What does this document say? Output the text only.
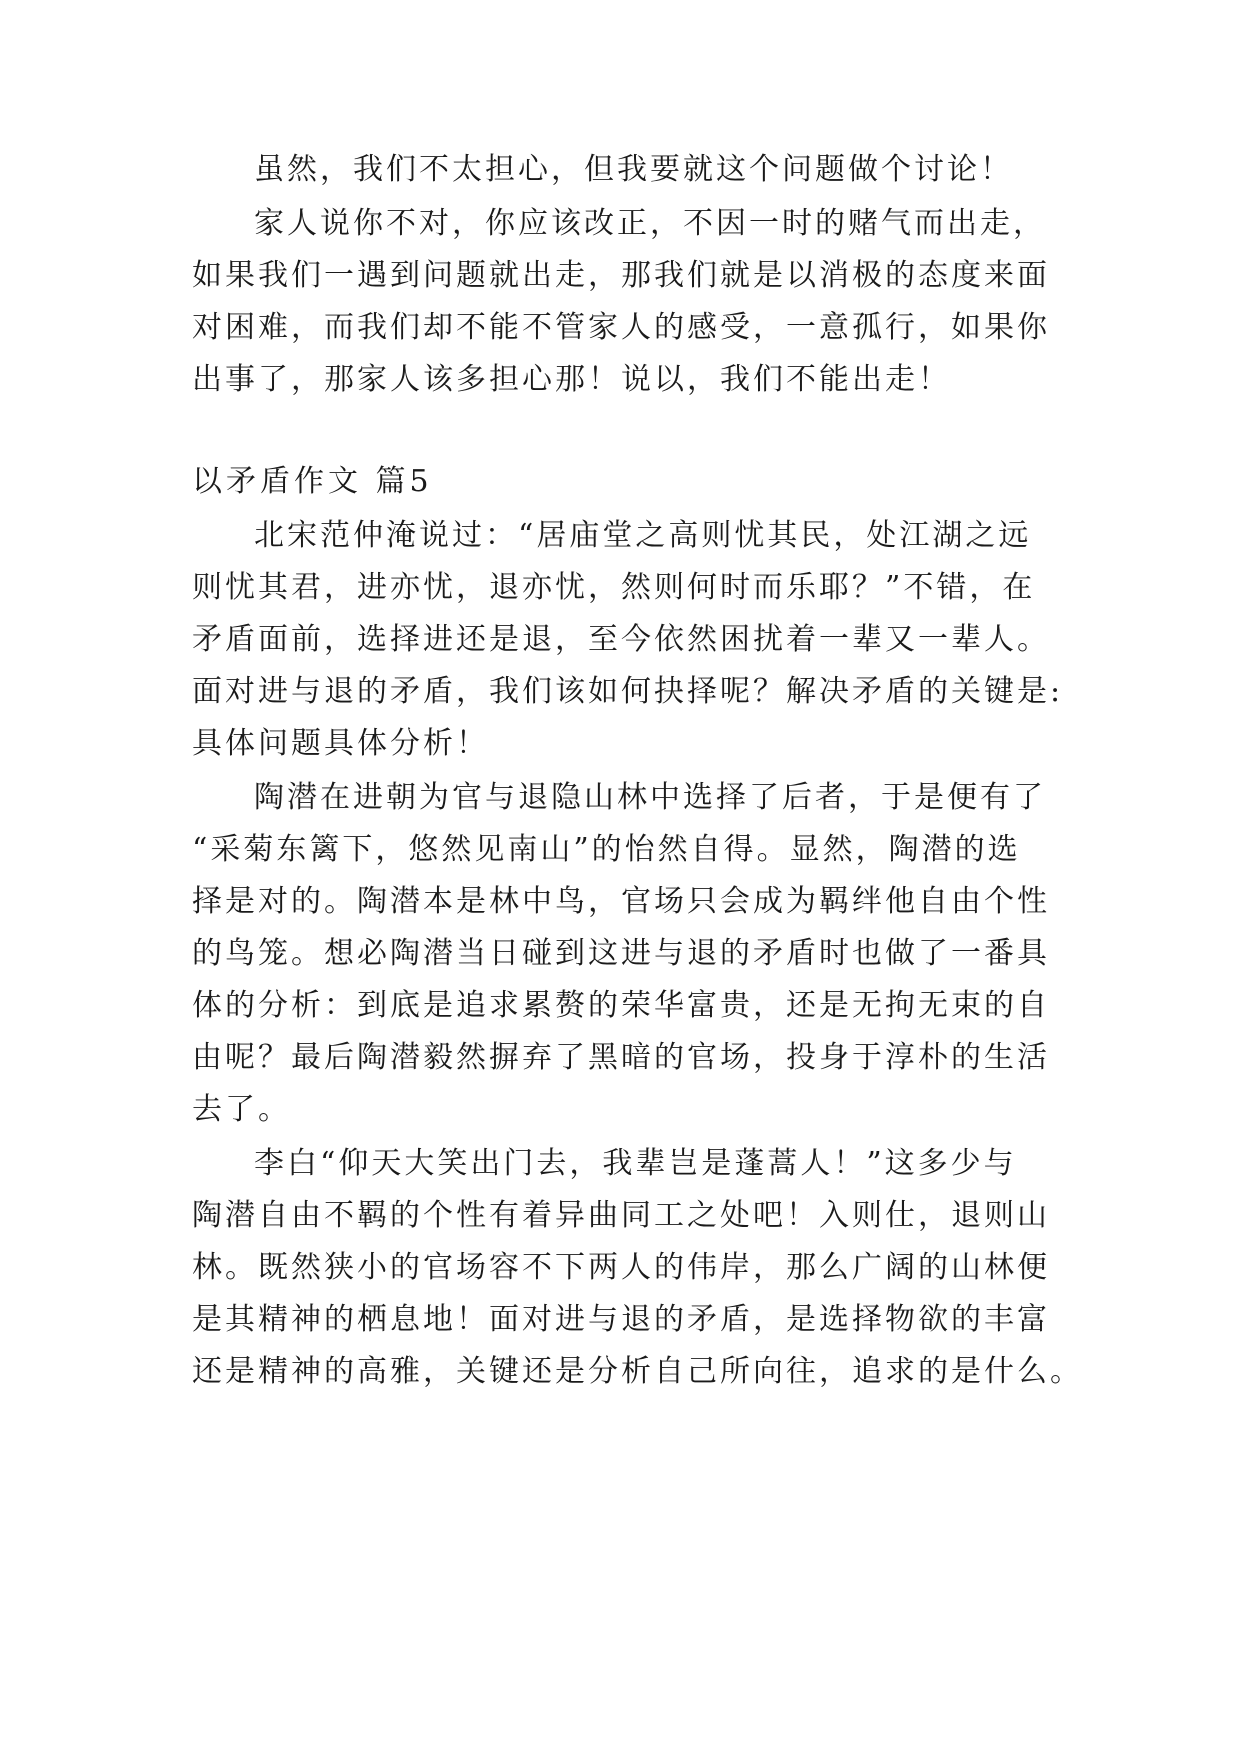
虽然，我们不太担心，但我要就这个问题做个讨论！
家人说你不对，你应该改正，不因一时的赌气而出走，
如果我们一遇到问题就出走，那我们就是以消极的态度来面
对困难，而我们却不能不管家人的感受，一意孤行，如果你
出事了，那家人该多担心那！说以，我们不能出走！
以矛盾作文 篇5
北宋范仲淹说过：“居庙堂之高则忧其民，处江湖之远
则忧其君，进亦忧，退亦忧，然则何时而乐耶？”不错，在
矛盾面前，选择进还是退，至今依然困扰着一辈又一辈人。
面对进与退的矛盾，我们该如何抉择呢？解决矛盾的关键是:
具体问题具体分析！
陶潜在进朝为官与退隐山林中选择了后者，于是便有了
“采菊东篱下，悠然见南山”的怡然自得。显然，陶潜的选
择是对的。陶潜本是林中鸟，官场只会成为羁绊他自由个性
的鸟笼。想必陶潜当日碰到这进与退的矛盾时也做了一番具
体的分析：到底是追求累赘的荣华富贵，还是无拘无束的自
由呢？最后陶潜毅然摒弃了黑暗的官场，投身于淳朴的生活
去了。
李白“仰天大笑出门去，我辈岂是蓬蒿人！”这多少与
陶潜自由不羁的个性有着异曲同工之处吧！入则仕，退则山
林。既然狭小的官场容不下两人的伟岸，那么广阔的山林便
是其精神的栖息地！面对进与退的矛盾，是选择物欲的丰富
还是精神的高雅，关键还是分析自己所向往，追求的是什么。
